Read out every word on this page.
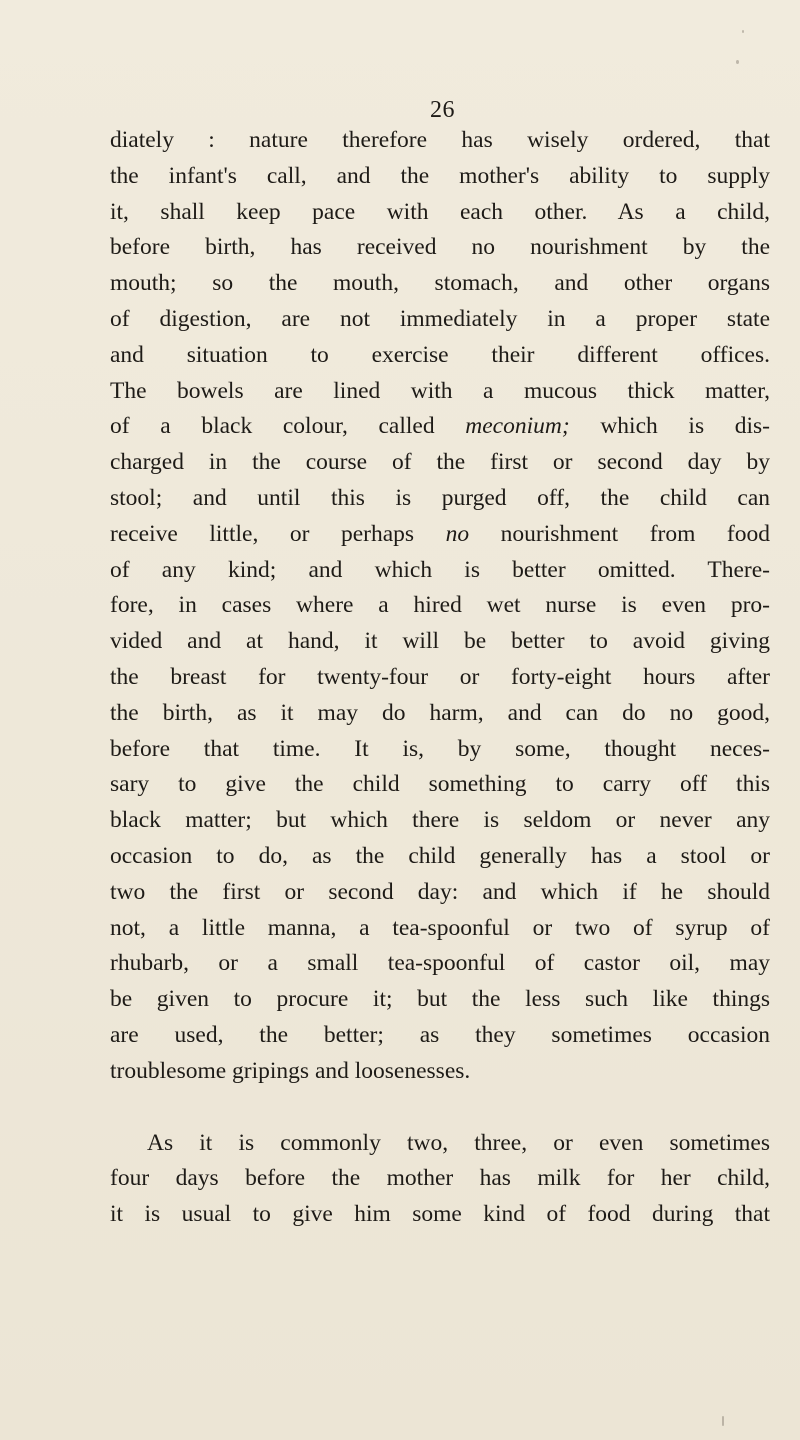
26
diately : nature therefore has wisely ordered, that
the infant's call, and the mother's ability to supply
it, shall keep pace with each other. As a child,
before birth, has received no nourishment by the
mouth; so the mouth, stomach, and other organs
of digestion, are not immediately in a proper state
and situation to exercise their different offices.
The bowels are lined with a mucous thick matter,
of a black colour, called meconium; which is dis-
charged in the course of the first or second day by
stool; and until this is purged off, the child can
receive little, or perhaps no nourishment from food
of any kind; and which is better omitted. There-
fore, in cases where a hired wet nurse is even pro-
vided and at hand, it will be better to avoid giving
the breast for twenty-four or forty-eight hours after
the birth, as it may do harm, and can do no good,
before that time. It is, by some, thought neces-
sary to give the child something to carry off this
black matter; but which there is seldom or never any
occasion to do, as the child generally has a stool or
two the first or second day: and which if he should
not, a little manna, a tea-spoonful or two of syrup of
rhubarb, or a small tea-spoonful of castor oil, may
be given to procure it; but the less such like things
are used, the better; as they sometimes occasion
troublesome gripings and loosenesses.
As it is commonly two, three, or even sometimes
four days before the mother has milk for her child,
it is usual to give him some kind of food during that
